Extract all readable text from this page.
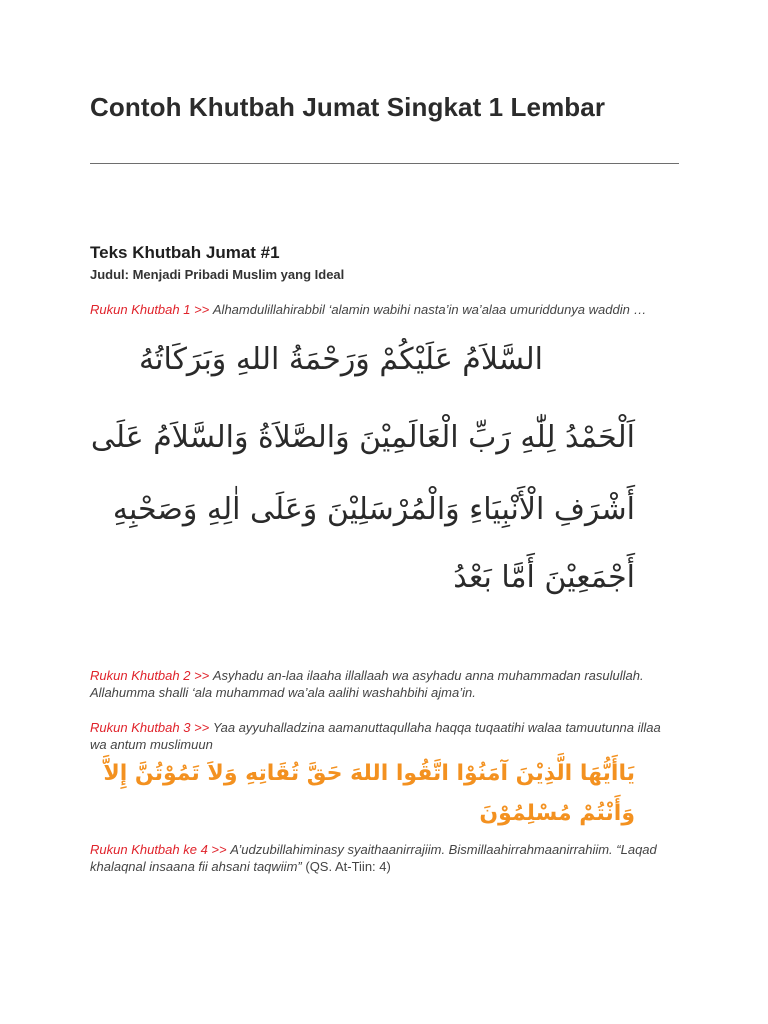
Contoh Khutbah Jumat Singkat 1 Lembar
Teks Khutbah Jumat #1
Judul: Menjadi Pribadi Muslim yang Ideal

Rukun Khutbah 1 >> Alhamdulillahirabbil ‘alamin wabihi nasta’in wa’alaa umuriddunya waddin …

السَّلاَمُ عَلَيْكُمْ وَرَحْمَةُ اللهِ وَبَرَكَاتُهُ
اَلْحَمْدُ لِلّٰهِ رَبِّ الْعَالَمِيْنَ وَالصَّلاَةُ وَالسَّلاَمُ عَلَى
أَشْرَفِ الْأَنْبِيَاءِ وَالْمُرْسَلِيْنَ وَعَلَى اٰلِهِ وَصَحْبِهِ
أَجْمَعِيْنَ أَمَّا بَعْدُ

Rukun Khutbah 2 >> Asyhadu an-laa ilaaha illallaah wa asyhadu anna muhammadan rasulullah. Allahumma shalli ‘ala muhammad wa’ala aalihi washahbihi ajma’in.

Rukun Khutbah 3 >> Yaa ayyuhalladzina aamanuttaqullaha haqqa tuqaatihi walaa tamuutunna illaa wa antum muslimuun

يَاأَيُّهَا الَّذِيْنَ آمَنُوْا اتَّقُوا اللهَ حَقَّ تُقَاتِهِ وَلاَ تَمُوْتُنَّ إِلاَّ وَأَنْتُمْ مُسْلِمُوْنَ

Rukun Khutbah ke 4 >> A’udzubillahiminasy syaithaanirrajiim. Bismillaahirrahmaanirrahiim. “Laqad khalaqnal insaana fii ahsani taqwiim” (QS. At-Tiin: 4)
